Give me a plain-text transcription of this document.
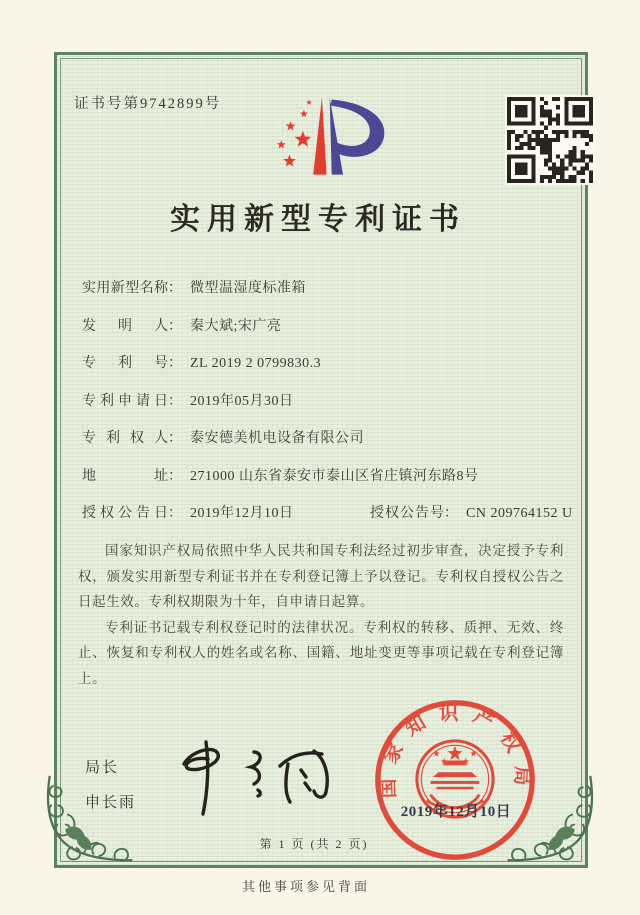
证书号第9742899号
实用新型专利证书
实用新型名称 ： 微型温湿度标准箱
发明人 ： 秦大斌;宋广亮
专利号 ： ZL 2019 2 0799830.3
专利申请日 ： 2019年05月30日
专利权人 ： 泰安德美机电设备有限公司
地址 ： 271000 山东省泰安市泰山区省庄镇河东路8号
授权公告日 ： 2019年12月10日	授权公告号 ： CN 209764152 U

国家知识产权局依照中华人民共和国专利法经过初步审查，决定授予专利权，颁发实用新型专利证书并在专利登记簿上予以登记。专利权自授权公告之日起生效。专利权期限为十年，自申请日起算。

专利证书记载专利权登记时的法律状况。专利权的转移、质押、无效、终止、恢复和专利权人的姓名或名称、国籍、地址变更等事项记载在专利登记簿上。

局长
申长雨
国家知识产权局
2019年12月10日
第 1 页 (共 2 页)
其他事项参见背面
